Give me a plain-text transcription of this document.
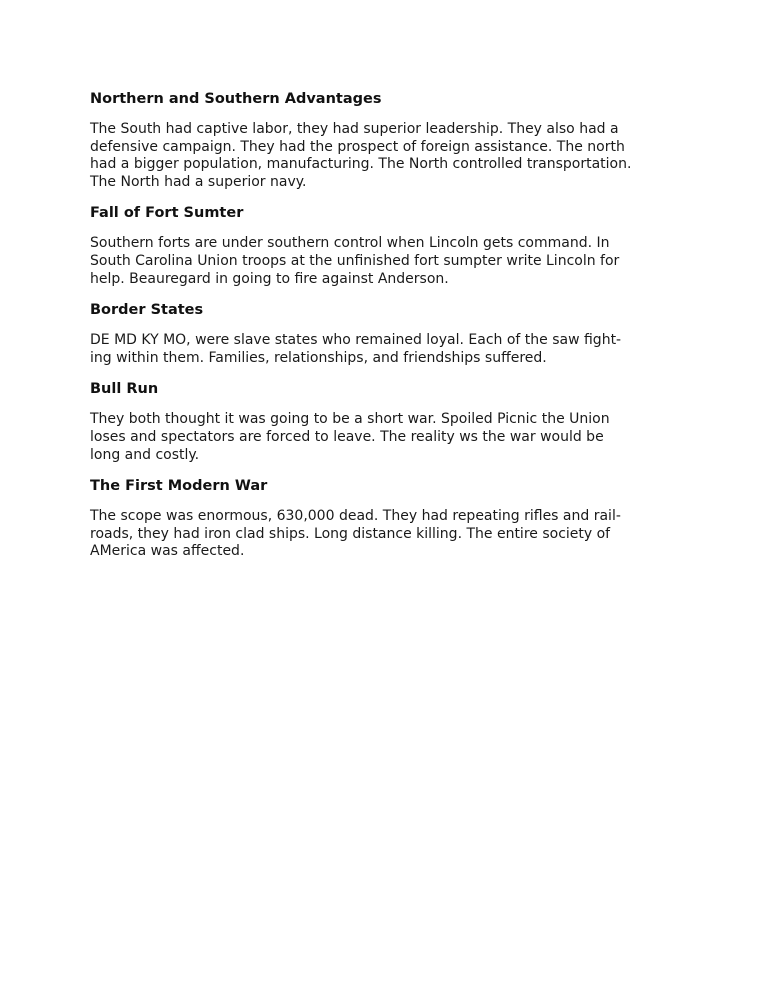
Northern and Southern Advantages

The South had captive labor, they had superior leadership. They also had a
defensive campaign. They had the prospect of foreign assistance. The north
had a bigger population, manufacturing. The North controlled transportation.
The North had a superior navy.

Fall of Fort Sumter

Southern forts are under southern control when Lincoln gets command. In
South Carolina Union troops at the unfinished fort sumpter write Lincoln for
help. Beauregard in going to fire against Anderson.

Border States

DE MD KY MO, were slave states who remained loyal. Each of the saw fight-
ing within them. Families, relationships, and friendships suffered.

Bull Run

They both thought it was going to be a short war. Spoiled Picnic the Union
loses and spectators are forced to leave. The reality ws the war would be
long and costly.

The First Modern War

The scope was enormous, 630,000 dead. They had repeating rifles and rail-
roads, they had iron clad ships. Long distance killing. The entire society of
AMerica was affected.
